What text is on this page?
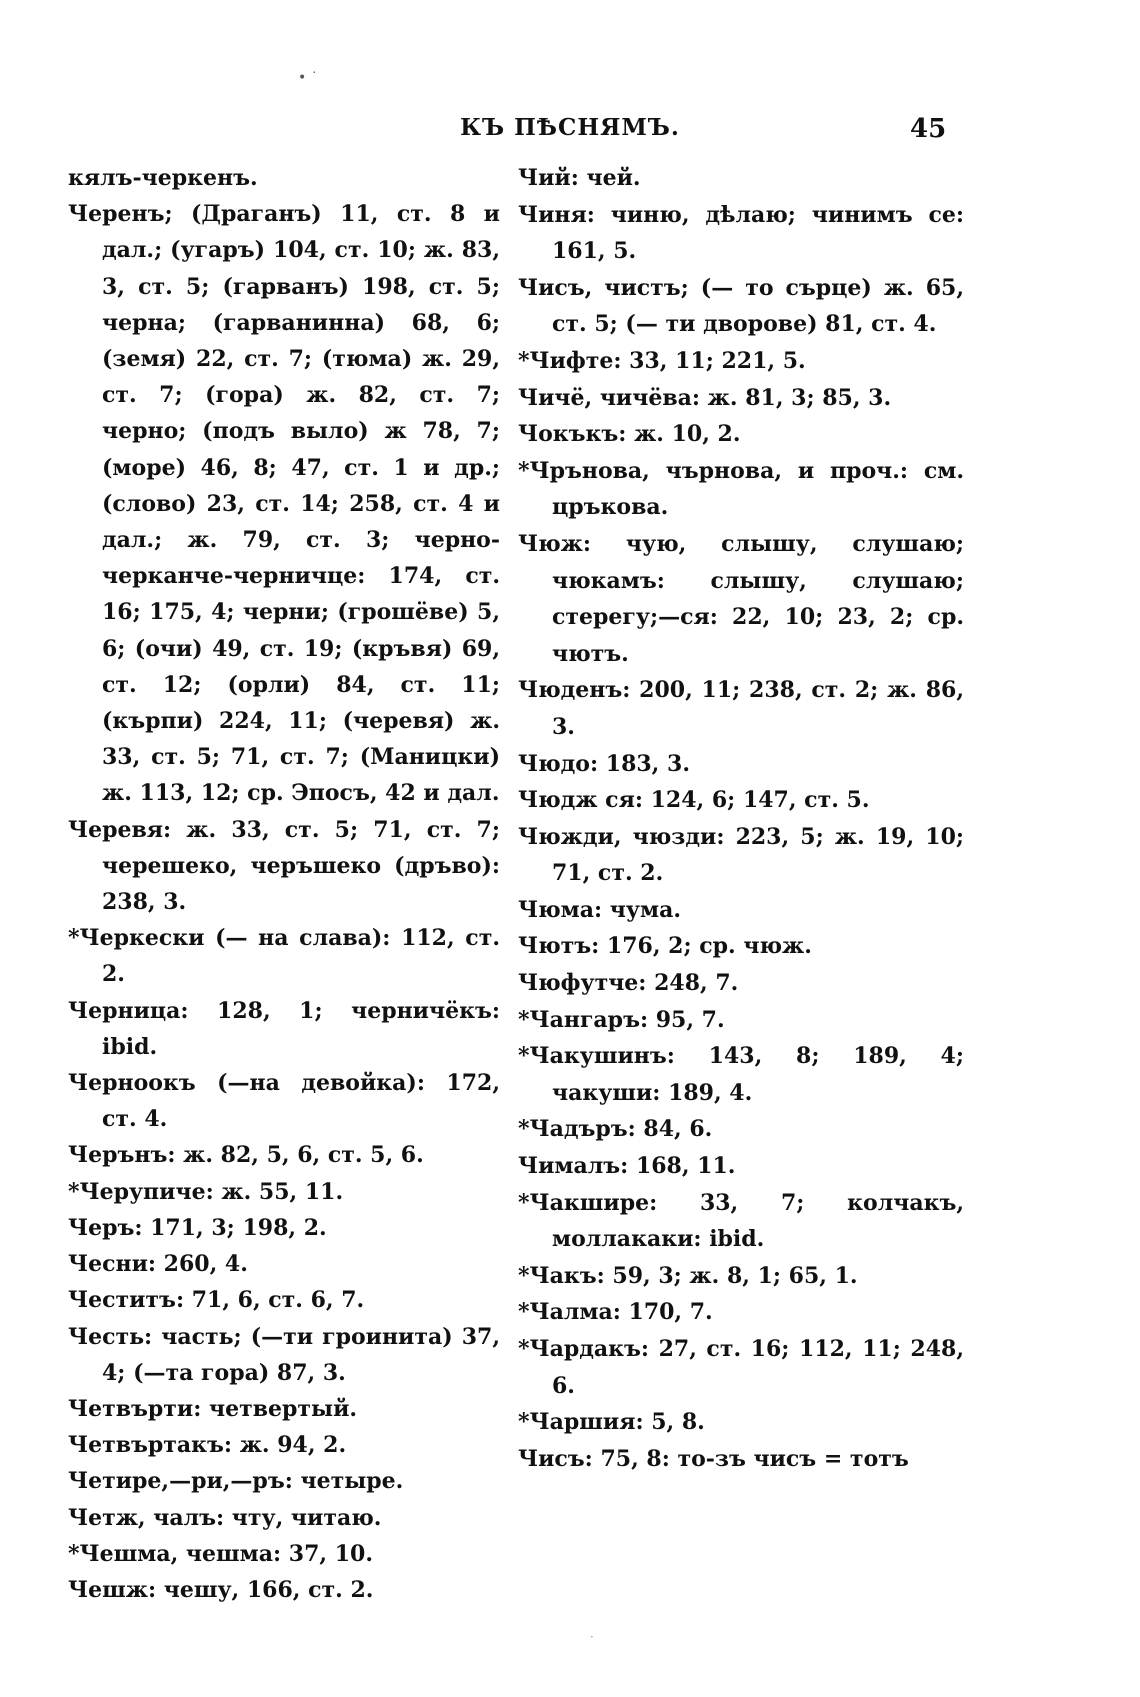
• ˙
КЪ ПѢСНЯМЪ.	45
кялъ-черкенъ.
Черенъ; (Драганъ) 11, ст. 8 и дал.; (угаръ) 104, ст. 10; ж. 83, 3, ст. 5; (гарванъ) 198, ст. 5; черна; (гарванинна) 68, 6; (земя) 22, ст. 7; (тюма) ж. 29, ст. 7; (гора) ж. 82, ст. 7; черно; (подъ выло) ж 78, 7; (море) 46, 8; 47, ст. 1 и др.; (слово) 23, ст. 14; 258, ст. 4 и дал.; ж. 79, ст. 3; черно-черканче-черничце: 174, ст. 16; 175, 4; черни; (грошёве) 5, 6; (очи) 49, ст. 19; (кръвя) 69, ст. 12; (орли) 84, ст. 11; (кърпи) 224, 11; (черевя) ж. 33, ст. 5; 71, ст. 7; (Маницки) ж. 113, 12; ср. Эпосъ, 42 и дал.
Черевя: ж. 33, ст. 5; 71, ст. 7; черешеко, черъшеко (дръво): 238, 3.
*Черкески (— на слава): 112, ст. 2.
Черница: 128, 1; черничёкъ: ibid.
Черноокъ (—на девойка): 172, ст. 4.
Черънъ: ж. 82, 5, 6, ст. 5, 6.
*Черупиче: ж. 55, 11.
Черъ: 171, 3; 198, 2.
Чесни: 260, 4.
Честитъ: 71, 6, ст. 6, 7.
Честь: часть; (—ти гроинита) 37, 4; (—та гора) 87, 3.
Четвърти: четвертый.
Четвъртакъ: ж. 94, 2.
Четире,—ри,—ръ: четыре.
Четж, чалъ: чту, читаю.
*Чешма, чешма: 37, 10.
Чешж: чешу, 166, ст. 2.
Чий: чей.
Чиня: чиню, дѣлаю; чинимъ се: 161, 5.
Чисъ, чистъ; (— то сърце) ж. 65, ст. 5; (— ти дворове) 81, ст. 4.
*Чифте: 33, 11; 221, 5.
Чичё, чичёва: ж. 81, 3; 85, 3.
Чокъкъ: ж. 10, 2.
*Чрънова, чърнова, и проч.: см. цръкова.
Чюж: чую, слышу, слушаю; чюкамъ: слышу, слушаю; стерегу;—ся: 22, 10; 23, 2; ср. чютъ.
Чюденъ: 200, 11; 238, ст. 2; ж. 86, 3.
Чюдо: 183, 3.
Чюдж ся: 124, 6; 147, ст. 5.
Чюжди, чюзди: 223, 5; ж. 19, 10; 71, ст. 2.
Чюма: чума.
Чютъ: 176, 2; ср. чюж.
Чюфутче: 248, 7.
*Чангаръ: 95, 7.
*Чакушинъ: 143, 8; 189, 4; чакуши: 189, 4.
*Чадъръ: 84, 6.
Чималъ: 168, 11.
*Чакшире: 33, 7; колчакъ, моллакаки: ibid.
*Чакъ: 59, 3; ж. 8, 1; 65, 1.
*Чалма: 170, 7.
*Чардакъ: 27, ст. 16; 112, 11; 248, 6.
*Чаршия: 5, 8.
Чисъ: 75, 8: то-зъ чисъ = тотъ
·
